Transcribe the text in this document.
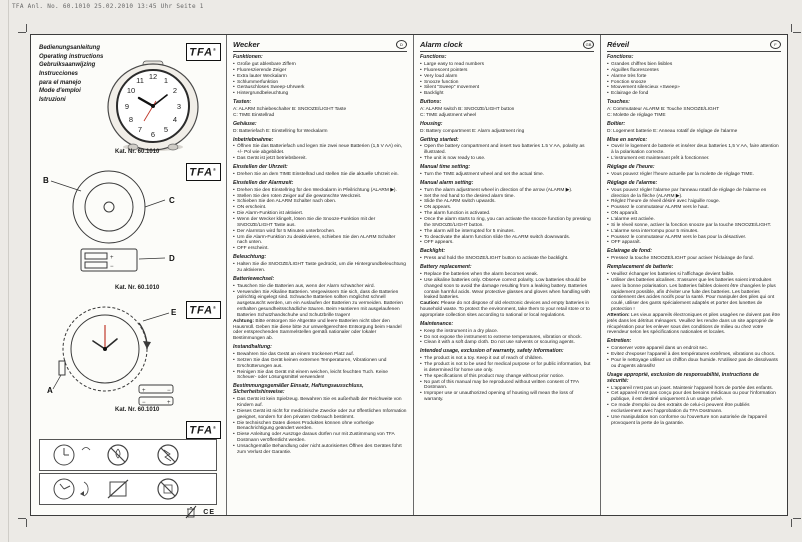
TFA Anl. No. 60.1010 25.02.2010 13:45 Uhr Seite 1
Bedienungsanleitung
Operating instructions
Gebruiksaanwijzing
Instrucciones
para el manejo
Mode d'emploi
Istruzioni
TFA®
TFA®
TFA®
TFA®
12 1
2
3
4
5
6
7
8
9
10
11
Kat. Nr. 60.1010
B
C
D
+
−
Kat. Nr. 60.1010
E
A	+	−
−	+
Kat. Nr. 60.1010
CE
Wecker	D
Funktionen:
• Große gut ablesbare Ziffern
• Fluoreszierende Zeiger
• Extra lauter Weckalarm
• Schlummerfunktion
• Geräuschloses Sweep-Uhrwerk
• Hintergrundbeleuchtung
Tasten:
A: ALARM Schiebeschalter B: SNOOZE/LIGHT Taste
C: TIME Einstellrad
Gehäuse:
D: Batteriefach E: Einstellring für Weckalarm
Inbetriebnahme:
• Öffnen Sie das Batteriefach und legen Sie zwei neue Batterien (1,5 V AA) ein, +/- Pol wie abgebildet.
• Das Gerät ist jetzt betriebsbereit.
Einstellen der Uhrzeit:
• Drehen Sie an dem TIME Einstellrad und stellen Sie die aktuelle Uhrzeit ein.
Einstellen der Alarmzeit:
• Drehen Sie den Einstellring für den Weckalarm in Pfeilrichtung (ALARM ▶).
• Stellen Sie den roten Zeiger auf die gewünschte Weckzeit.
• Schieben Sie den ALARM Schalter nach oben.
• ON erscheint.
• Die Alarm-Funktion ist aktiviert.
• Wenn der Wecker klingelt, lösen Sie die Snooze-Funktion mit der SNOOZE/LIGHT Taste aus.
• Der Alarmton wird für 5 Minuten unterbrochen.
• Um die Alarm-Funktion zu deaktivieren, schieben Sie den ALARM Schalter nach unten.
• OFF erscheint.
Beleuchtung:
• Halten Sie die SNOOZE/LIGHT Taste gedrückt, um die Hintergrundbeleuchtung zu aktivieren.
Batteriewechsel:
• Tauschen Sie die Batterien aus, wenn der Alarm schwächer wird.
• Verwenden Sie Alkaline Batterien. Vergewissern Sie sich, dass die Batterien polrichtig eingelegt sind. Schwache Batterien sollten möglichst schnell ausgetauscht werden, um ein Auslaufen der Batterien zu vermeiden. Batterien enthalten gesundheitsschädliche Säuren. Beim Hantieren mit ausgelaufenen Batterien Schutzhandschuhe und Schutzbrille tragen!
Achtung: Bitte entsorgen Sie Altgeräte und leere Batterien nicht über den Hausmüll. Geben Sie diese bitte zur umweltgerechten Entsorgung beim Handel oder entsprechenden Sammelstellen gemäß nationaler oder lokaler Bestimmungen ab.
Instandhaltung:
• Bewahren Sie das Gerät an einem trockenen Platz auf.
• Setzen Sie das Gerät keinen extremen Temperaturen, Vibrationen und Erschütterungen aus.
• Reinigen Sie das Gerät mit einem weichen, leicht feuchten Tuch. Keine Scheuer- oder Lösungsmittel verwenden!
Bestimmungsgemäßer Einsatz, Haftungsausschluss, Sicherheitshinweise:
• Das Gerät ist kein Spielzeug. Bewahren Sie es außerhalb der Reichweite von Kindern auf.
• Dieses Gerät ist nicht für medizinische Zwecke oder zur öffentlichen Information geeignet, sondern für den privaten Gebrauch bestimmt.
• Die technischen Daten dieses Produktes können ohne vorherige Benachrichtigung geändert werden.
• Diese Anleitung oder Auszüge daraus dürfen nur mit Zustimmung von TFA Dostmann veröffentlicht werden.
• Unsachgemäße Behandlung oder nicht autorisiertes Öffnen des Gerätes führt zum Verlust der Garantie.
Alarm clock	GB
Functions:
• Large easy to read numbers
• Fluorescent pointers
• Very loud alarm
• Snooze function
• Silent "Sweep" movement
• Backlight
Buttons:
A: ALARM switch B: SNOOZE/LIGHT button
C: TIME adjustment wheel
Housing:
D: Battery compartment E: Alarm adjustment ring
Getting started:
• Open the battery compartment and insert two batteries 1.5 V AA, polarity as illustrated.
• The unit is now ready to use.
Manual time setting:
• Turn the TIME adjustment wheel and set the actual time.
Manual alarm setting:
• Turn the alarm adjustment wheel in direction of the arrow (ALARM ▶).
• Set the red hand to the desired alarm time.
• Slide the ALARM switch upwards.
• ON appears.
• The alarm function is activated.
• Once the alarm starts to ring, you can activate the snooze function by pressing the SNOOZE/LIGHT button.
• The alarm will be interrupted for 5 minutes.
• To deactivate the alarm function slide the ALARM switch downwards.
• OFF appears.
Backlight:
• Press and hold the SNOOZE/LIGHT button to activate the backlight.
Battery replacement:
• Replace the batteries when the alarm becomes weak.
• Use alkaline batteries only. Observe correct polarity. Low batteries should be changed soon to avoid the damage resulting from a leaking battery. Batteries contain harmful acids. Wear protective glasses and gloves when handling with leaked batteries.
Caution: Please do not dispose of old electronic devices and empty batteries in household waste. To protect the environment, take them to your retail store or to appropriate collection sites according to national or local regulations.
Maintenance:
• Keep the instrument in a dry place.
• Do not expose the instrument to extreme temperatures, vibration or shock.
• Clean it with a soft damp cloth. Do not use solvents or scouring agents.
Intended usage, exclusion of warranty, safety information:
• The product is not a toy. Keep it out of reach of children.
• The product is not to be used for medical purpose or for public information, but is determined for home use only.
• The specifications of this product may change without prior notice.
• No part of this manual may be reproduced without written consent of TFA Dostmann.
• Improper use or unauthorized opening of housing will mean the loss of warranty.
Réveil	F
Fonctions:
• Grandes chiffres bien lisibles
• Aiguilles fluorescentes
• Alarme très forte
• Fonction snooze
• Mouvement silencieux «Sweep»
• Eclairage de fond
Touches:
A: Commutateur ALARM B: Touche SNOOZE/LIGHT
C: Molette de réglage TIME
Boîtier:
D: Logement batterie E: Anneau rotatif de réglage de l'alarme
Mise en service:
• Ouvrir le logement de batterie et insérer deux batteries 1,5 V AA, faire attention à la polarisation correcte.
• L'instrument est maintenant prêt à fonctionner.
Réglage de l'heure:
• Vous pouvez régler l'heure actuelle par la molette de réglage TIME.
Réglage de l'alarme:
• Vous pouvez régler l'alarme par l'anneau rotatif de réglage de l'alarme en direction de la flèche (ALARM ▶).
• Réglez l'heure de réveil désiré avec l'aiguille rouge.
• Poussez le commutateur ALARM vers le haut.
• ON apparaît.
• L'alarme est activée.
• Si le réveil sonne, activer la fonction snooze par la touche SNOOZE/LIGHT.
• L'alarme sera interrompu pour 5 minutes.
• Poussez le commutateur ALARM vers le bas pour la désactiver.
• OFF apparaît.
Eclairage de fond:
• Pressez la touche SNOOZE/LIGHT pour activer l'éclairage de fond.
Remplacement de batterie:
• Veuillez échanger les batteries si l'affichage devient faible.
• Utiliser des batteries alcalines. S'assurer que les batteries soient introduites avec la bonne polarisation. Les batteries faibles doivent être changées le plus rapidement possible, afin d'éviter une fuite des batteries. Les batteries contiennent des acides nocifs pour la santé. Pour manipuler des piles qui ont coulé, utiliser des gants spécialement adaptés et porter des lunettes de protection !
Attention: Les vieux appareils électroniques et piles usagées ne doivent pas être jetés dans les détritus ménagers. Veuillez les rendre dans un site approprié de récupération pour les enlever sous des conditions de milieu ou chez votre revendeur selon les spécifications nationales et locales.
Entretien:
• Conserver votre appareil dans un endroit sec.
• Evitez d'exposer l'appareil à des températures extrêmes, vibrations ou chocs.
• Pour le nettoyage utilisez un chiffon doux humide. N'utilisez pas de dissolvants ou d'agents abrasifs!
Usage approprié, exclusion de responsabilité, instructions de sécurité:
• L'appareil n'est pas un jouet. Maintenir l'appareil hors de portée des enfants.
• Cet appareil n'est pas conçu pour des besoins médicaux ou pour l'information publique, il est destiné uniquement à un usage privé.
• Ce mode d'emploi ou des extraits de celui-ci peuvent être publiés exclusivement avec l'approbation du TFA Dostmann.
• Une manipulation non conforme ou l'ouverture non autorisée de l'appareil provoquent la perte de la garantie.
